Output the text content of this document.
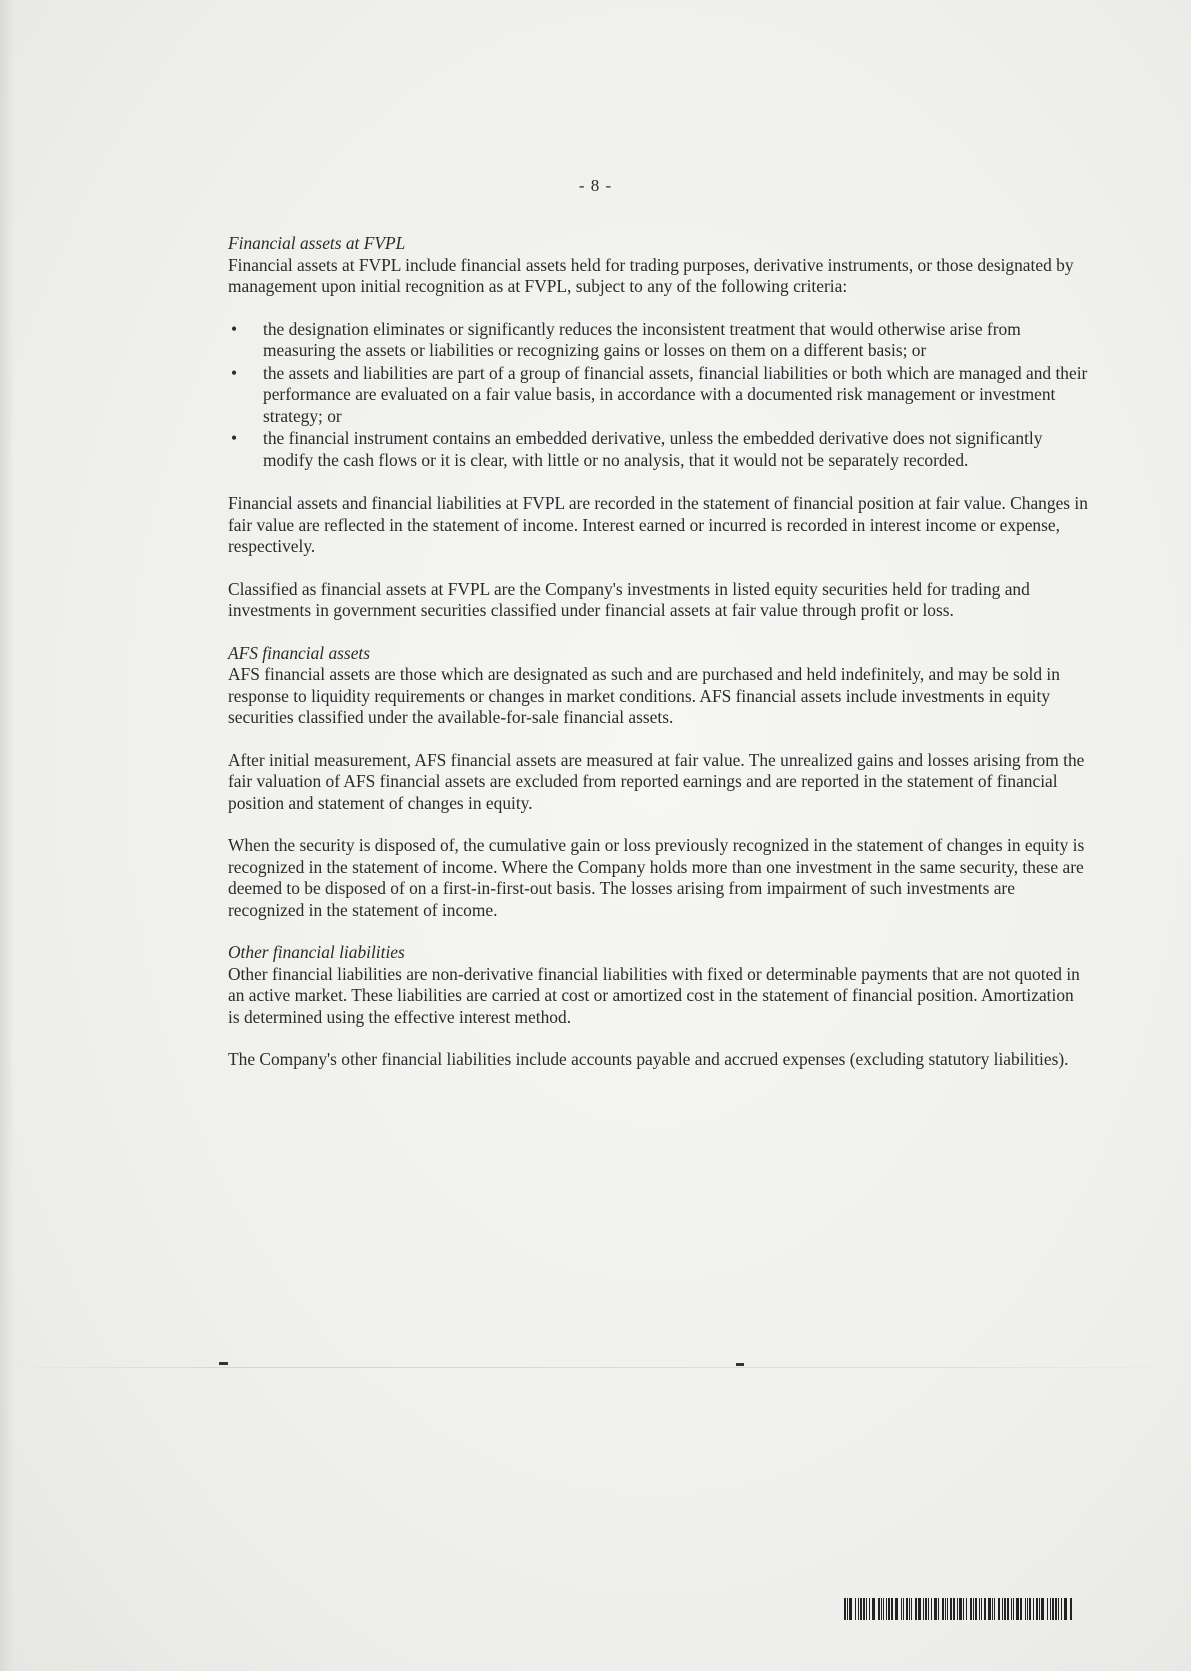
- 8 -

Financial assets at FVPL

Financial assets at FVPL include financial assets held for trading purposes, derivative instruments, or those designated by management upon initial recognition as at FVPL, subject to any of the following criteria:

• the designation eliminates or significantly reduces the inconsistent treatment that would otherwise arise from measuring the assets or liabilities or recognizing gains or losses on them on a different basis; or
• the assets and liabilities are part of a group of financial assets, financial liabilities or both which are managed and their performance are evaluated on a fair value basis, in accordance with a documented risk management or investment strategy; or
• the financial instrument contains an embedded derivative, unless the embedded derivative does not significantly modify the cash flows or it is clear, with little or no analysis, that it would not be separately recorded.

Financial assets and financial liabilities at FVPL are recorded in the statement of financial position at fair value. Changes in fair value are reflected in the statement of income. Interest earned or incurred is recorded in interest income or expense, respectively.

Classified as financial assets at FVPL are the Company's investments in listed equity securities held for trading and investments in government securities classified under financial assets at fair value through profit or loss.

AFS financial assets

AFS financial assets are those which are designated as such and are purchased and held indefinitely, and may be sold in response to liquidity requirements or changes in market conditions. AFS financial assets include investments in equity securities classified under the available-for-sale financial assets.

After initial measurement, AFS financial assets are measured at fair value. The unrealized gains and losses arising from the fair valuation of AFS financial assets are excluded from reported earnings and are reported in the statement of financial position and statement of changes in equity.

When the security is disposed of, the cumulative gain or loss previously recognized in the statement of changes in equity is recognized in the statement of income. Where the Company holds more than one investment in the same security, these are deemed to be disposed of on a first-in-first-out basis. The losses arising from impairment of such investments are recognized in the statement of income.

Other financial liabilities

Other financial liabilities are non-derivative financial liabilities with fixed or determinable payments that are not quoted in an active market. These liabilities are carried at cost or amortized cost in the statement of financial position. Amortization is determined using the effective interest method.

The Company's other financial liabilities include accounts payable and accrued expenses (excluding statutory liabilities).
